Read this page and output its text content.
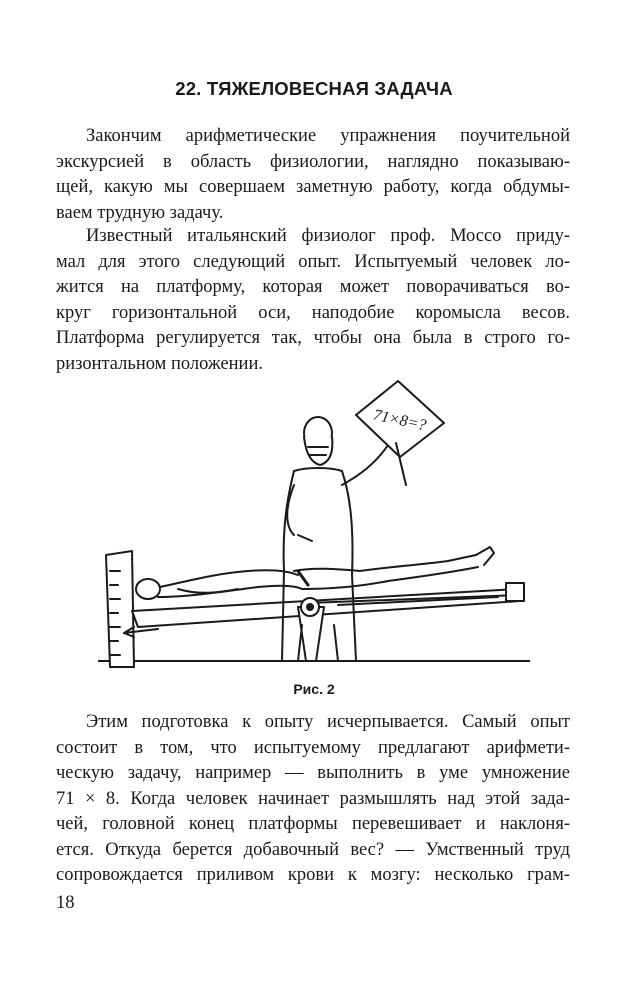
22. ТЯЖЕЛОВЕСНАЯ ЗАДАЧА

Закончим арифметические упражнения поучительной
экскурсией в область физиологии, наглядно показываю-
щей, какую мы совершаем заметную работу, когда обдумы-
ваем трудную задачу.

Известный итальянский физиолог проф. Моссо приду-
мал для этого следующий опыт. Испытуемый человек ло-
жится на платформу, которая может поворачиваться во-
круг горизонтальной оси, наподобие коромысла весов.
Платформа регулируется так, чтобы она была в строго го-
ризонтальном положении.

71×8=?
Рис. 2

Этим подготовка к опыту исчерпывается. Самый опыт
состоит в том, что испытуемому предлагают арифмети-
ческую задачу, например — выполнить в уме умножение
71 × 8. Когда человек начинает размышлять над этой зада-
чей, головной конец платформы перевешивает и наклоня-
ется. Откуда берется добавочный вес? — Умственный труд
сопровождается приливом крови к мозгу: несколько грам-

18
